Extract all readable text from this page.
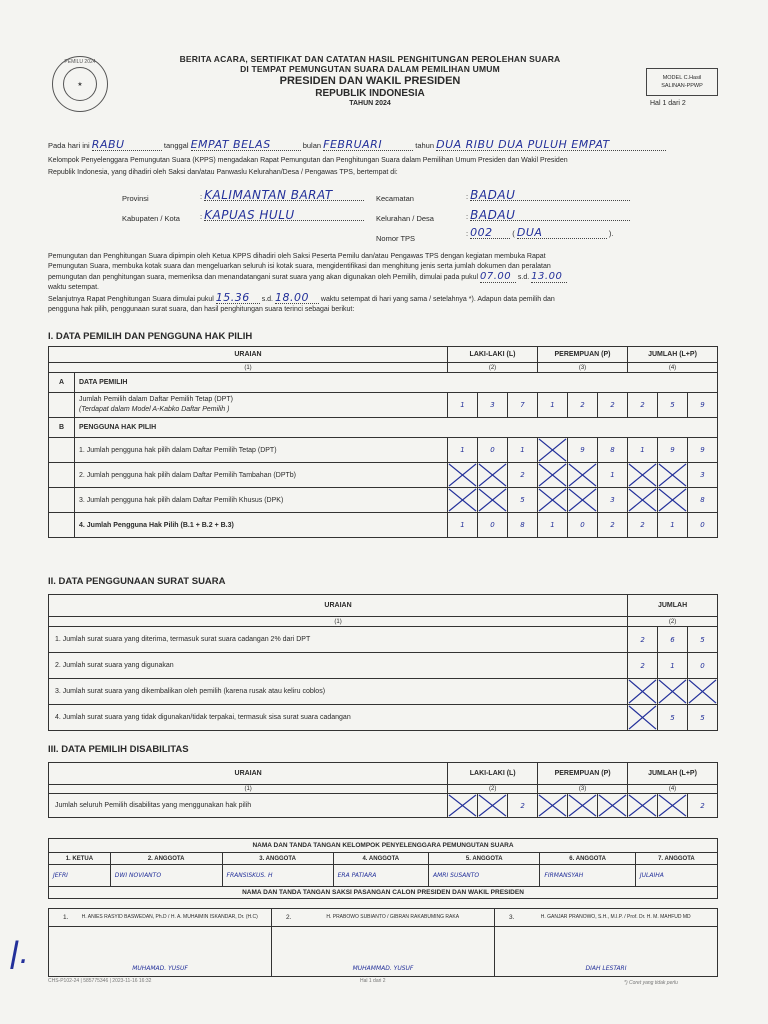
PEMILU 2024
★
BERITA ACARA, SERTIFIKAT DAN CATATAN HASIL PENGHITUNGAN PEROLEHAN SUARA
DI TEMPAT PEMUNGUTAN SUARA DALAM PEMILIHAN UMUM
PRESIDEN DAN WAKIL PRESIDEN
REPUBLIK INDONESIA
TAHUN 2024
MODEL C.Hasil
SALINAN-PPWP
Hal 1 dari 2
Pada hari ini RABU	tanggal EMPAT BELAS	bulan FEBRUARI	tahun DUA RIBU DUA PULUH EMPAT
Kelompok Penyelenggara Pemungutan Suara (KPPS) mengadakan Rapat Pemungutan dan Penghitungan Suara dalam Pemilihan Umum Presiden dan Wakil Presiden
Republik Indonesia, yang dihadiri oleh Saksi dan/atau Panwaslu Kelurahan/Desa / Pengawas TPS, bertempat di:
Provinsi	: KALIMANTAN BARAT
Kabupaten / Kota	: KAPUAS HULU
Kecamatan	: BADAU
Kelurahan / Desa	: BADAU
Nomor TPS
: 002 ( DUA	).
Pemungutan dan Penghitungan Suara dipimpin oleh Ketua KPPS dihadiri oleh Saksi Peserta Pemilu dan/atau Pengawas TPS dengan kegiatan membuka Rapat
Pemungutan Suara, membuka kotak suara dan mengeluarkan seluruh isi kotak suara, mengidentifikasi dan menghitung jenis serta jumlah dokumen dan peralatan
pemungutan dan penghitungan suara, memeriksa dan menandatangani surat suara yang akan digunakan oleh Pemilih, dimulai pada pukul 07.00 s.d. 13.00
waktu setempat.
Selanjutnya Rapat Penghitungan Suara dimulai pukul 15.36 s.d. 18.00 waktu setempat di hari yang sama / setelahnya *). Adapun data pemilih dan
pengguna hak pilih, penggunaan surat suara, dan hasil penghitungan suara terinci sebagai berikut:
I. DATA PEMILIH DAN PENGGUNA HAK PILIH
URAIAN		LAKI-LAKI (L)			PEREMPUAN (P)			JUMLAH (L+P)		
(1)		(2)			(3)			(4)		
A	DATA PEMILIH									

	Jumlah Pemilih dalam Daftar Pemilih Tetap (DPT)
(Terdapat dalam Model A-Kabko Daftar Pemilih )	1	3	7	1	2	2	2	5	9
B	PENGGUNA HAK PILIH									
	1. Jumlah pengguna hak pilih dalam Daftar Pemilih Tetap (DPT)	1	0	1		9	8	1	9	9
	2. Jumlah pengguna hak pilih dalam Daftar Pemilih Tambahan (DPTb)			2			1			3
	3. Jumlah pengguna hak pilih dalam Daftar Pemilih Khusus (DPK)			5			3			8
	4. Jumlah Pengguna Hak Pilih (B.1 + B.2 + B.3)	1	0	8	1	0	2	2	1	0
II. DATA PENGGUNAAN SURAT SUARA
URAIAN	JUMLAH		
(1)	(2)		
1. Jumlah surat suara yang diterima, termasuk surat suara cadangan 2% dari DPT	2	6	5
2. Jumlah surat suara yang digunakan	2	1	0
3. Jumlah surat suara yang dikembalikan oleh pemilih (karena rusak atau keliru coblos)	

4. Jumlah surat suara yang tidak digunakan/tidak terpakai, termasuk sisa surat suara cadangan		5	5
III. DATA PEMILIH DISABILITAS
URAIAN	LAKI-LAKI (L)			PEREMPUAN (P)			JUMLAH (L+P)		
(1)	(2)			(3)			(4)		
Jumlah seluruh Pemilih disabilitas yang menggunakan hak pilih			2						2
NAMA DAN TANDA TANGAN KELOMPOK PENYELENGGARA PEMUNGUTAN SUARA						
1. KETUA	2. ANGGOTA	3. ANGGOTA	4. ANGGOTA	5. ANGGOTA	6. ANGGOTA	7. ANGGOTA
JEFRI	DWI NOVIANTO	FRANSISKUS. H	ERA PATIARA	AMRI SUSANTO	FIRMANSYAH	JULAIHA
NAMA DAN TANDA TANGAN SAKSI PASANGAN CALON PRESIDEN DAN WAKIL PRESIDEN						
1. H. ANIES RASYID BASWEDAN, Ph.D / H. A. MUHAIMIN ISKANDAR, Dr. (H.C)	2. H. PRABOWO SUBIANTO / GIBRAN RAKABUMING RAKA	3. H. GANJAR PRANOWO, S.H., M.I.P. / Prof. Dr. H. M. MAHFUD MD
MUHAMAD. YUSUF	MUHAMMAD. YUSUF	DIAH LESTARI
ǀ.
CHS-P102-24 | 585775346 | 2023-11-16 16:32	Hal 1 dari 2	*) Coret yang tidak perlu
